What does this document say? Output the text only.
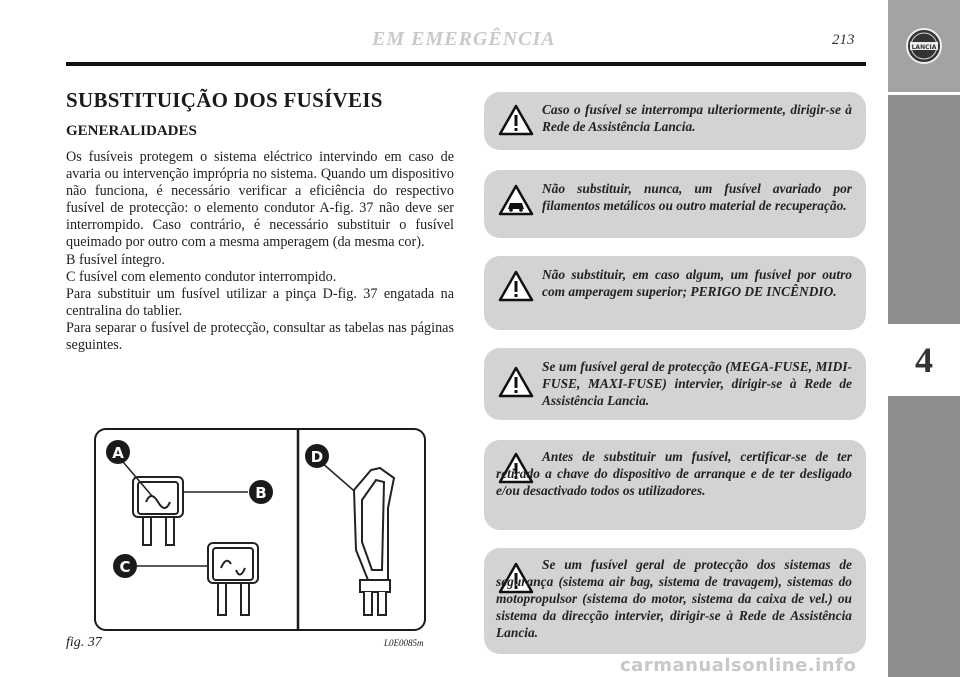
EM EMERGÊNCIA	213	LANCIA
4
SUBSTITUIÇÃO DOS FUSÍVEIS
GENERALIDADES

Os fusíveis protegem o sistema eléctrico intervindo em caso de avaria ou intervenção imprópria no sistema. Quando um dispositivo não funciona, é necessário verificar a eficiência do respectivo fusível de protecção: o elemento condutor A-fig. 37 não deve ser interrompido. Caso contrário, é necessário substituir o fusível queimado por outro com a mesma amperagem (da mesma cor).

B fusível íntegro.

C fusível com elemento condutor interrompido.

Para substituir um fusível utilizar a pinça D-fig. 37 engatada na centralina do tablier.

Para separar o fusível de protecção, consultar as tabelas nas páginas seguintes.

A
B
C
D
fig. 37	L0E0085m
Caso o fusível se interrompa ulteriormente, dirigir-se à Rede de Assistência Lancia.
Não substituir, nunca, um fusível avariado por filamentos metálicos ou outro material de recuperação.
Não substituir, em caso algum, um fusível por outro com amperagem superior; PERIGO DE INCÊNDIO.
Se um fusível geral de protecção (MEGA-FUSE, MIDI-FUSE, MAXI-FUSE) intervier, dirigir-se à Rede de Assistência Lancia.
Antes de substituir um fusível, certificar-se de ter retirado a chave do dispositivo de arranque e de ter desligado e/ou desactivado todos os utilizadores.
Se um fusível geral de protecção dos sistemas de segurança (sistema air bag, sistema de travagem), sistemas do motopropulsor (sistema do motor, sistema da caixa de vel.) ou sistema da direcção intervier, dirigir-se à Rede de Assistência Lancia.
carmanualsonline.info
